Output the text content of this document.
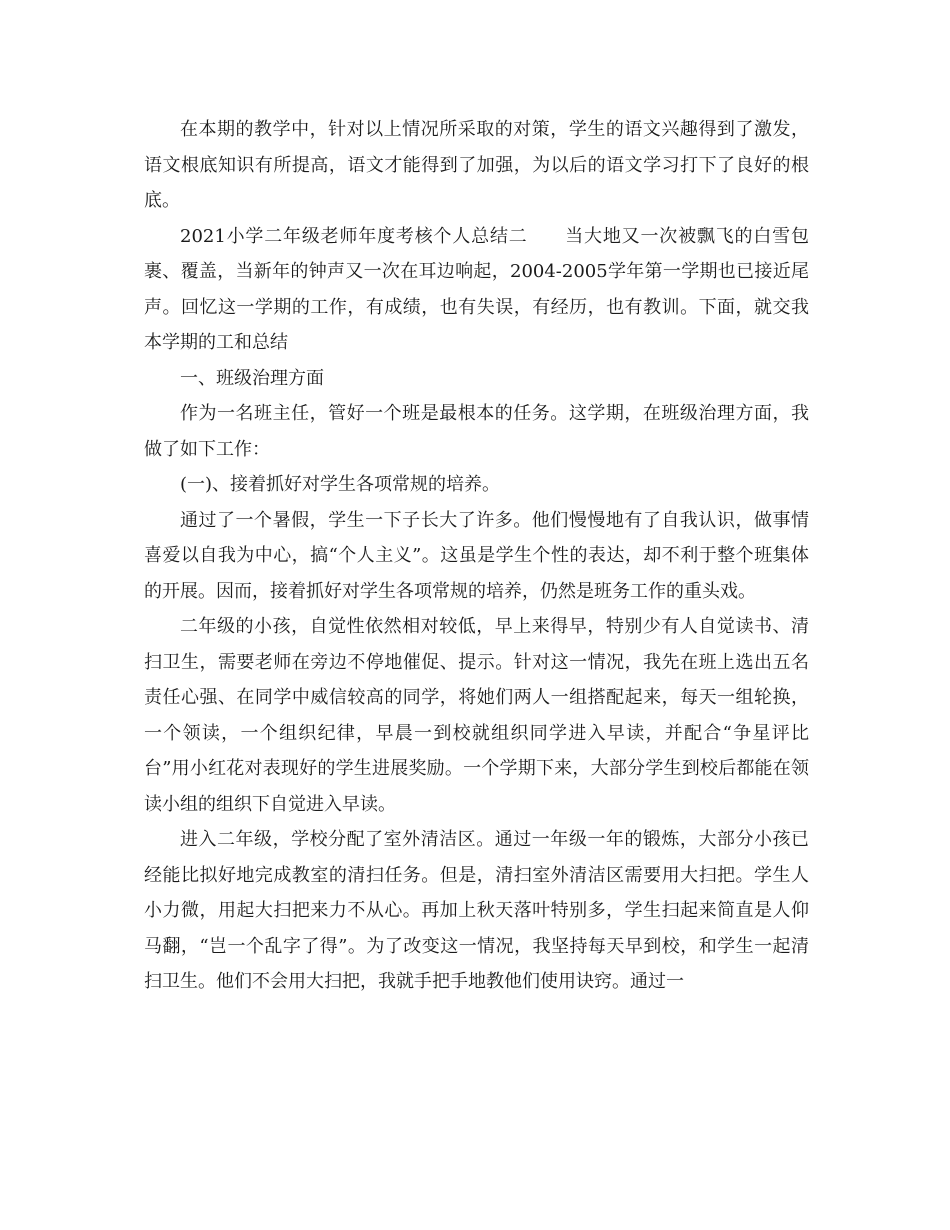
在本期的教学中，针对以上情况所采取的对策，学生的语文兴趣得到了激发，语文根底知识有所提高，语文才能得到了加强，为以后的语文学习打下了良好的根底。

2021小学二年级老师年度考核个人总结二　　当大地又一次被飘飞的白雪包裹、覆盖，当新年的钟声又一次在耳边响起，2004-2005学年第一学期也已接近尾声。回忆这一学期的工作，有成绩，也有失误，有经历，也有教训。下面，就交我本学期的工和总结

一、班级治理方面

作为一名班主任，管好一个班是最根本的任务。这学期，在班级治理方面，我做了如下工作：

(一)、接着抓好对学生各项常规的培养。

通过了一个暑假，学生一下子长大了许多。他们慢慢地有了自我认识，做事情喜爱以自我为中心，搞“个人主义”。这虽是学生个性的表达，却不利于整个班集体的开展。因而，接着抓好对学生各项常规的培养，仍然是班务工作的重头戏。

二年级的小孩，自觉性依然相对较低，早上来得早，特别少有人自觉读书、清扫卫生，需要老师在旁边不停地催促、提示。针对这一情况，我先在班上选出五名责任心强、在同学中威信较高的同学，将她们两人一组搭配起来，每天一组轮换，一个领读，一个组织纪律，早晨一到校就组织同学进入早读，并配合“争星评比台”用小红花对表现好的学生进展奖励。一个学期下来，大部分学生到校后都能在领读小组的组织下自觉进入早读。

进入二年级，学校分配了室外清洁区。通过一年级一年的锻炼，大部分小孩已经能比拟好地完成教室的清扫任务。但是，清扫室外清洁区需要用大扫把。学生人小力微，用起大扫把来力不从心。再加上秋天落叶特别多，学生扫起来简直是人仰马翻，“岂一个乱字了得”。为了改变这一情况，我坚持每天早到校，和学生一起清扫卫生。他们不会用大扫把，我就手把手地教他们使用诀窍。通过一
